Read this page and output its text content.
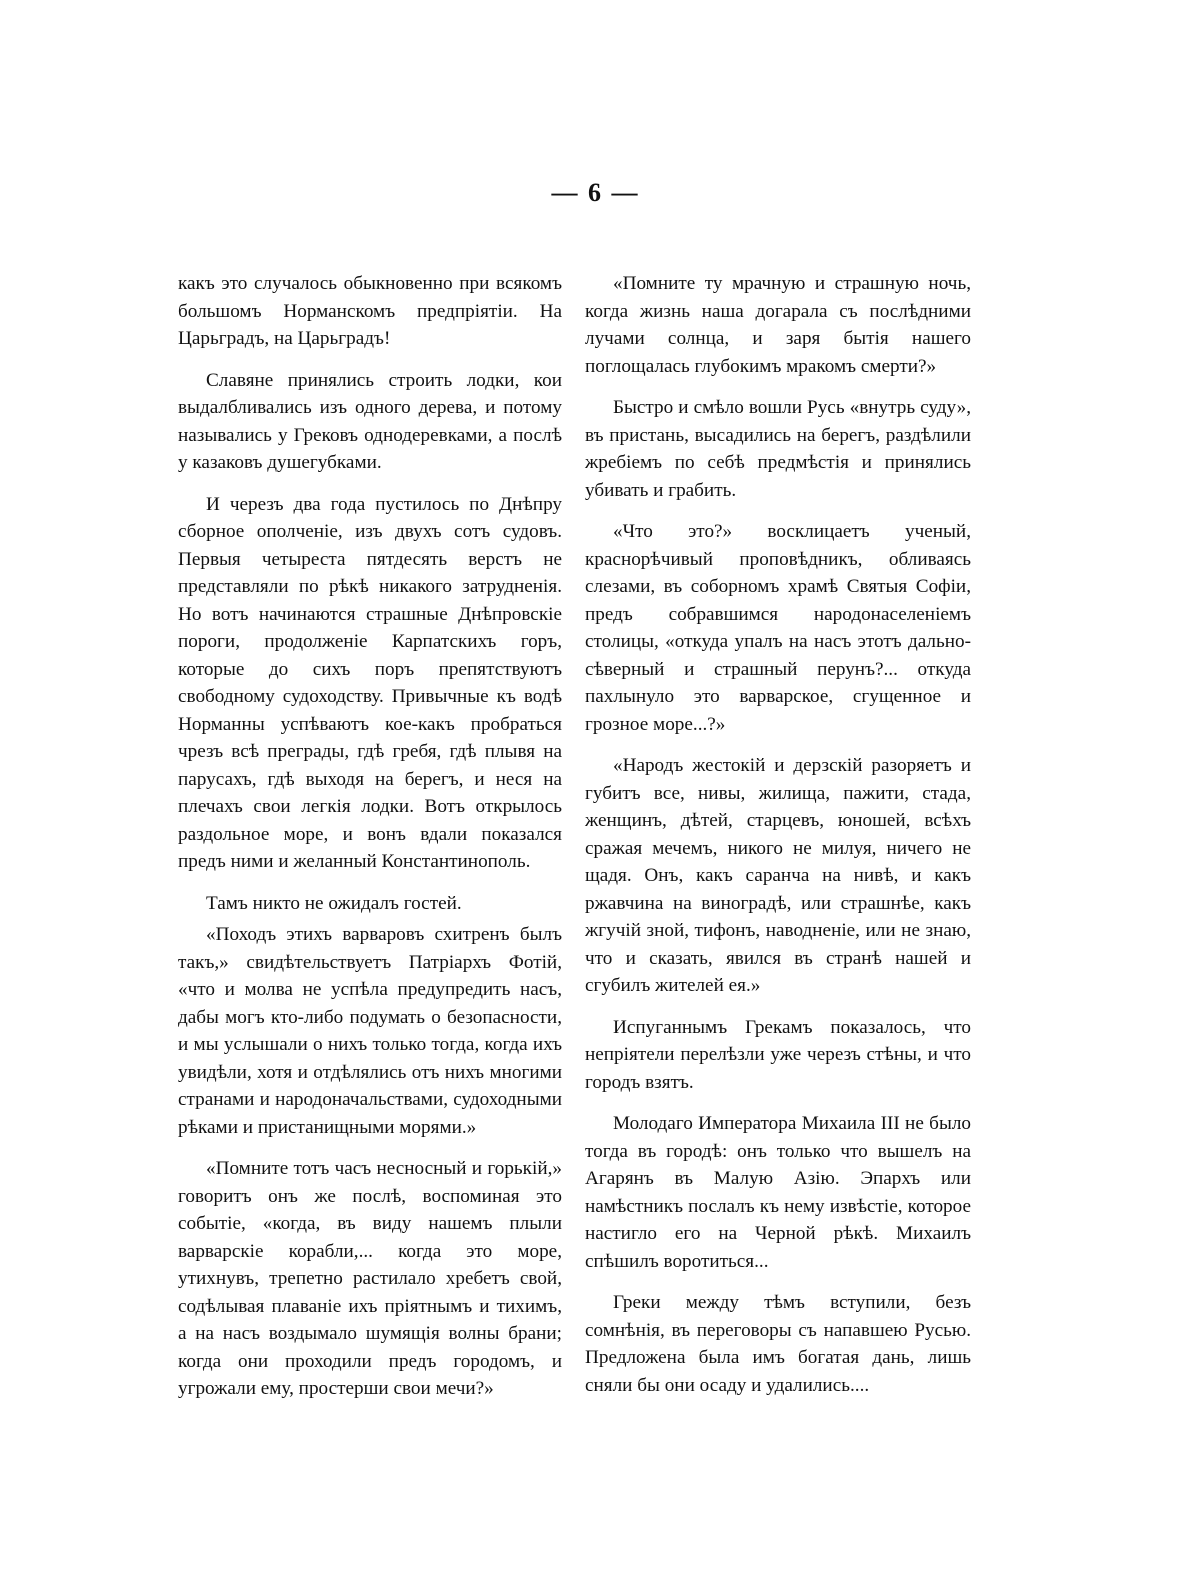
— 6 —

какъ это случалось обыкновенно при всякомъ большомъ Норманскомъ предпріятіи. На Царьградъ, на Царьградъ!

Славяне принялись строить лодки, кои выдалбливались изъ одного дерева, и потому назывались у Грековъ однодеревками, а послѣ у казаковъ душегубками.

И черезъ два года пустилось по Днѣпру сборное ополченіе, изъ двухъ сотъ судовъ. Первыя четыреста пятдесять верстъ не представляли по рѣкѣ никакого затрудненія. Но вотъ начинаются страшные Днѣпровскіе пороги, продолженіе Карпатскихъ горъ, которые до сихъ поръ препятствуютъ свободному судоходству. Привычные къ водѣ Норманны успѣваютъ кое-какъ пробраться чрезъ всѣ преграды, гдѣ гребя, гдѣ плывя на парусахъ, гдѣ выходя на берегъ, и неся на плечахъ свои легкія лодки. Вотъ открылось раздольное море, и вонъ вдали показался предъ ними и желанный Константинополь.

Тамъ никто не ожидалъ гостей.

«Походъ этихъ варваровъ схитренъ былъ такъ,» свидѣтельствуетъ Патріархъ Фотій, «что и молва не успѣла предупредить насъ, дабы могъ кто-либо подумать о безопасности, и мы услышали о нихъ только тогда, когда ихъ увидѣли, хотя и отдѣлялись отъ нихъ многими странами и народоначальствами, судоходными рѣками и пристанищными морями.»

«Помните тотъ часъ несносный и горькій,» говоритъ онъ же послѣ, воспоминая это событіе, «когда, въ виду нашемъ плыли варварскіе корабли,... когда это море, утихнувъ, трепетно растилало хребетъ свой, содѣлывая плаваніе ихъ пріятнымъ и тихимъ, а на насъ воздымало шумящія волны брани; когда они проходили предъ городомъ, и угрожали ему, простерши свои мечи?»

«Помните ту мрачную и страшную ночь, когда жизнь наша догарала съ послѣдними лучами солнца, и заря бытія нашего поглощалась глубокимъ мракомъ смерти?»

Быстро и смѣло вошли Русь «внутрь суду», въ пристань, высадились на берегъ, раздѣлили жребіемъ по себѣ предмѣстія и принялись убивать и грабить.

«Что это?» восклицаетъ ученый, краснорѣчивый проповѣдникъ, обливаясь слезами, въ соборномъ храмѣ Святыя Софіи, предъ собравшимся народонаселеніемъ столицы, «откуда упалъ на насъ этотъ дально-сѣверный и страшный перунъ?... откуда пахлынуло это варварское, сгущенное и грозное море...?»

«Народъ жестокій и дерзскій разоряетъ и губитъ все, нивы, жилища, пажити, стада, женщинъ, дѣтей, старцевъ, юношей, всѣхъ сражая мечемъ, никого не милуя, ничего не щадя. Онъ, какъ саранча на нивѣ, и какъ ржавчина на виноградѣ, или страшнѣе, какъ жгучій зной, тифонъ, наводненіе, или не знаю, что и сказать, явился въ странѣ нашей и сгубилъ жителей ея.»

Испуганнымъ Грекамъ показалось, что непріятели перелѣзли уже черезъ стѣны, и что городъ взятъ.

Молодаго Императора Михаила III не было тогда въ городѣ: онъ только что вышелъ на Агарянъ въ Малую Азію. Эпархъ или намѣстникъ послалъ къ нему извѣстіе, которое настигло его на Черной рѣкѣ. Михаилъ спѣшилъ воротиться...

Греки между тѣмъ вступили, безъ сомнѣнія, въ переговоры съ напавшею Русью. Предложена была имъ богатая дань, лишь сняли бы они осаду и удалились....
